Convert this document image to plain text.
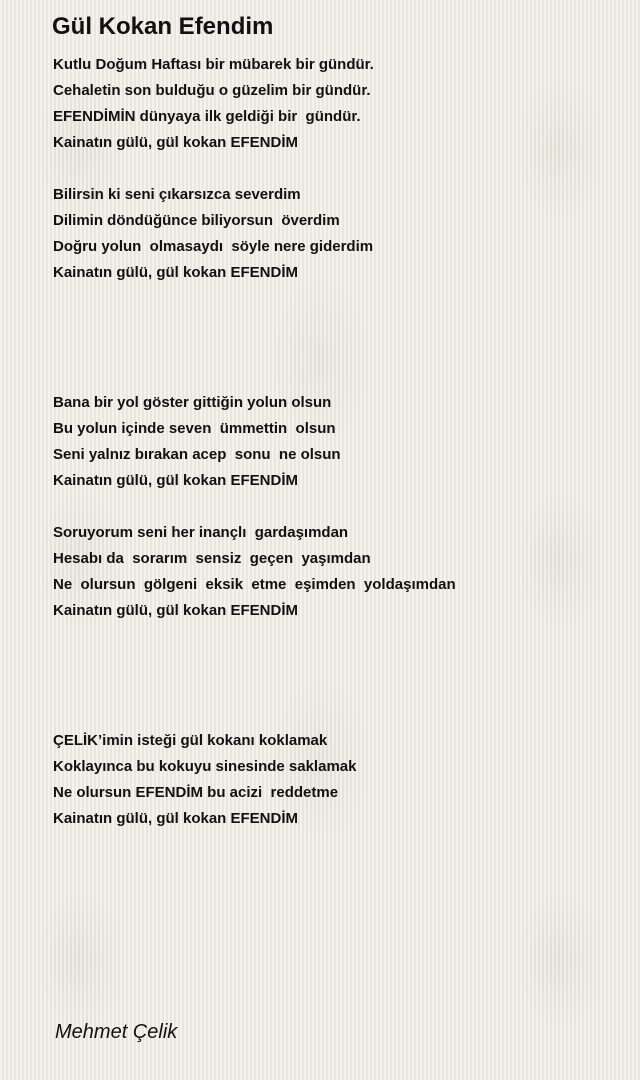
Gül Kokan Efendim
Kutlu Doğum Haftası bir mübarek bir gündür.
Cehaletin son bulduğu o güzelim bir gündür.
EFENDİMİN dünyaya ilk geldiği bir  gündür.
Kainatın gülü, gül kokan EFENDİM
Bilirsin ki seni çıkarsızca severdim
Dilimin döndüğünce biliyorsun  överdim
Doğru yolun  olmasaydı  söyle nere giderdim
Kainatın gülü, gül kokan EFENDİM
Bana bir yol göster gittiğin yolun olsun
Bu yolun içinde seven  ümmettin  olsun
Seni yalnız bırakan acep  sonu  ne olsun
Kainatın gülü, gül kokan EFENDİM
Soruyorum seni her inançlı  gardaşımdan
Hesabı da  sorarım  sensiz  geçen  yaşımdan
Ne  olursun  gölgeni  eksik  etme  eşimden  yoldaşımdan
Kainatın gülü, gül kokan EFENDİM
ÇELİK’imin isteği gül kokanı koklamak
Koklayınca bu kokuyu sinesinde saklamak
Ne olursun EFENDİM bu acizi  reddetme
Kainatın gülü, gül kokan EFENDİM
Mehmet Çelik
